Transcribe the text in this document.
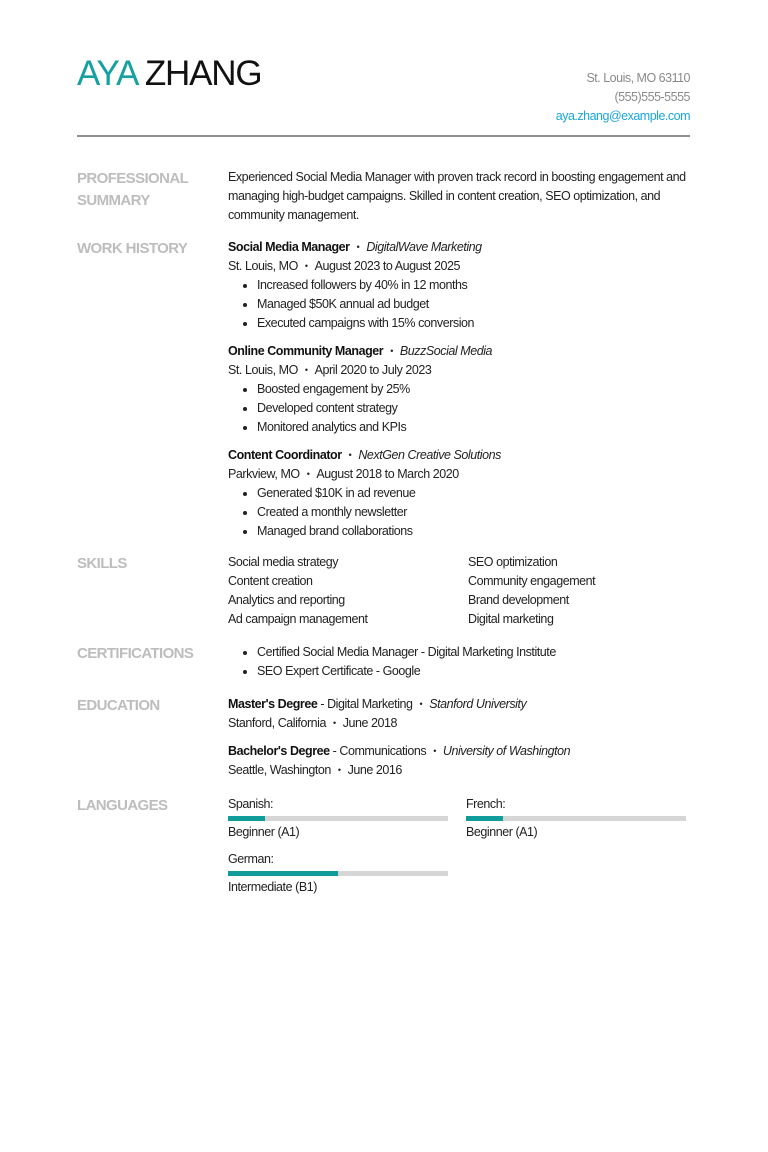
AYA ZHANG	St. Louis, MO 63110
(555)555-5555
aya.zhang@example.com
PROFESSIONAL
SUMMARY
Experienced Social Media Manager with proven track record in boosting engagement and managing high-budget campaigns. Skilled in content creation, SEO optimization, and community management.
WORK HISTORY	Social Media Manager • DigitalWave Marketing
St. Louis, MO • August 2023 to August 2025
Increased followers by 40% in 12 months
Managed $50K annual ad budget
Executed campaigns with 15% conversion
Online Community Manager • BuzzSocial Media
St. Louis, MO • April 2020 to July 2023
Boosted engagement by 25%
Developed content strategy
Monitored analytics and KPIs
Content Coordinator • NextGen Creative Solutions
Parkview, MO • August 2018 to March 2020
Generated $10K in ad revenue
Created a monthly newsletter
Managed brand collaborations
SKILLS	Social media strategy	SEO optimization
Content creation	Community engagement
Analytics and reporting	Brand development
Ad campaign management	Digital marketing
CERTIFICATIONS	Certified Social Media Manager - Digital Marketing Institute
SEO Expert Certificate - Google
EDUCATION	Master's Degree - Digital Marketing • Stanford University
Stanford, California • June 2018
Bachelor's Degree - Communications • University of Washington
Seattle, Washington • June 2016
LANGUAGES	Spanish:
Beginner (A1)
French:
Beginner (A1)
German:
Intermediate (B1)
